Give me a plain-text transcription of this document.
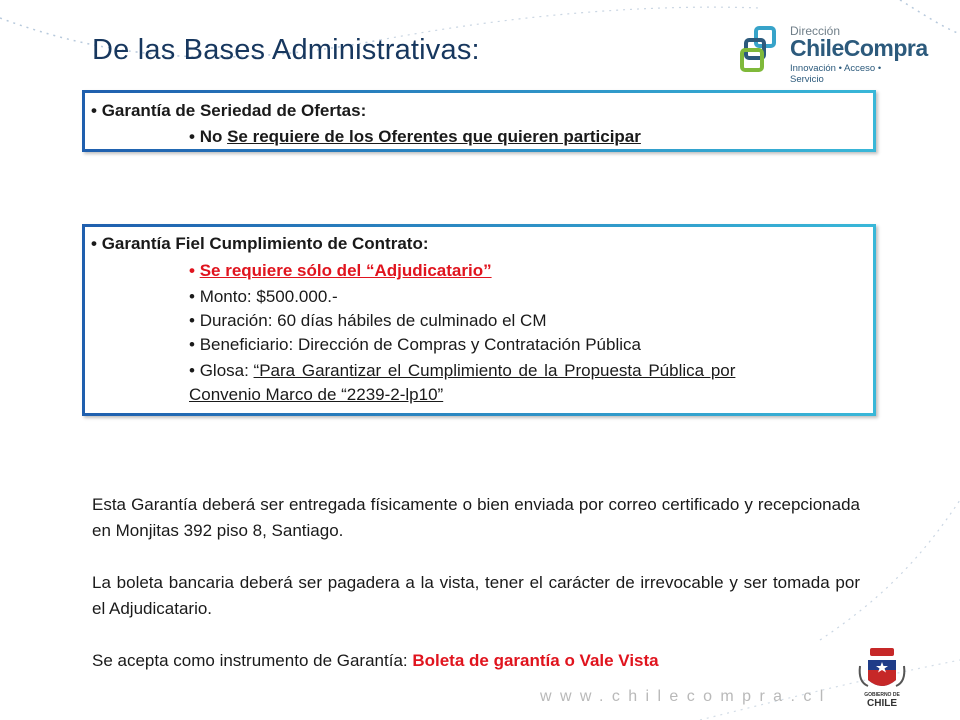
De las Bases Administrativas:
Dirección
ChileCompra
Innovación • Acceso • Servicio
• Garantía de Seriedad de Ofertas:
• No Se requiere de los Oferentes que quieren participar
• Garantía Fiel Cumplimiento de Contrato:
• Se requiere sólo del “Adjudicatario”
• Monto: $500.000.-
• Duración: 60 días hábiles de culminado el CM
• Beneficiario: Dirección de Compras y Contratación Pública
• Glosa: “Para Garantizar el Cumplimiento de la Propuesta Pública por
Convenio Marco de “2239-2-lp10”

Esta Garantía deberá ser entregada físicamente o bien enviada por correo certificado y recepcionada en Monjitas 392 piso 8, Santiago.

La boleta bancaria deberá ser pagadera a la vista, tener el carácter de irrevocable y ser tomada por el Adjudicatario.

Se acepta como instrumento de Garantía: Boleta de garantía o Vale Vista

www.chilecompra.cl	GOBIERNO DE
CHILE
